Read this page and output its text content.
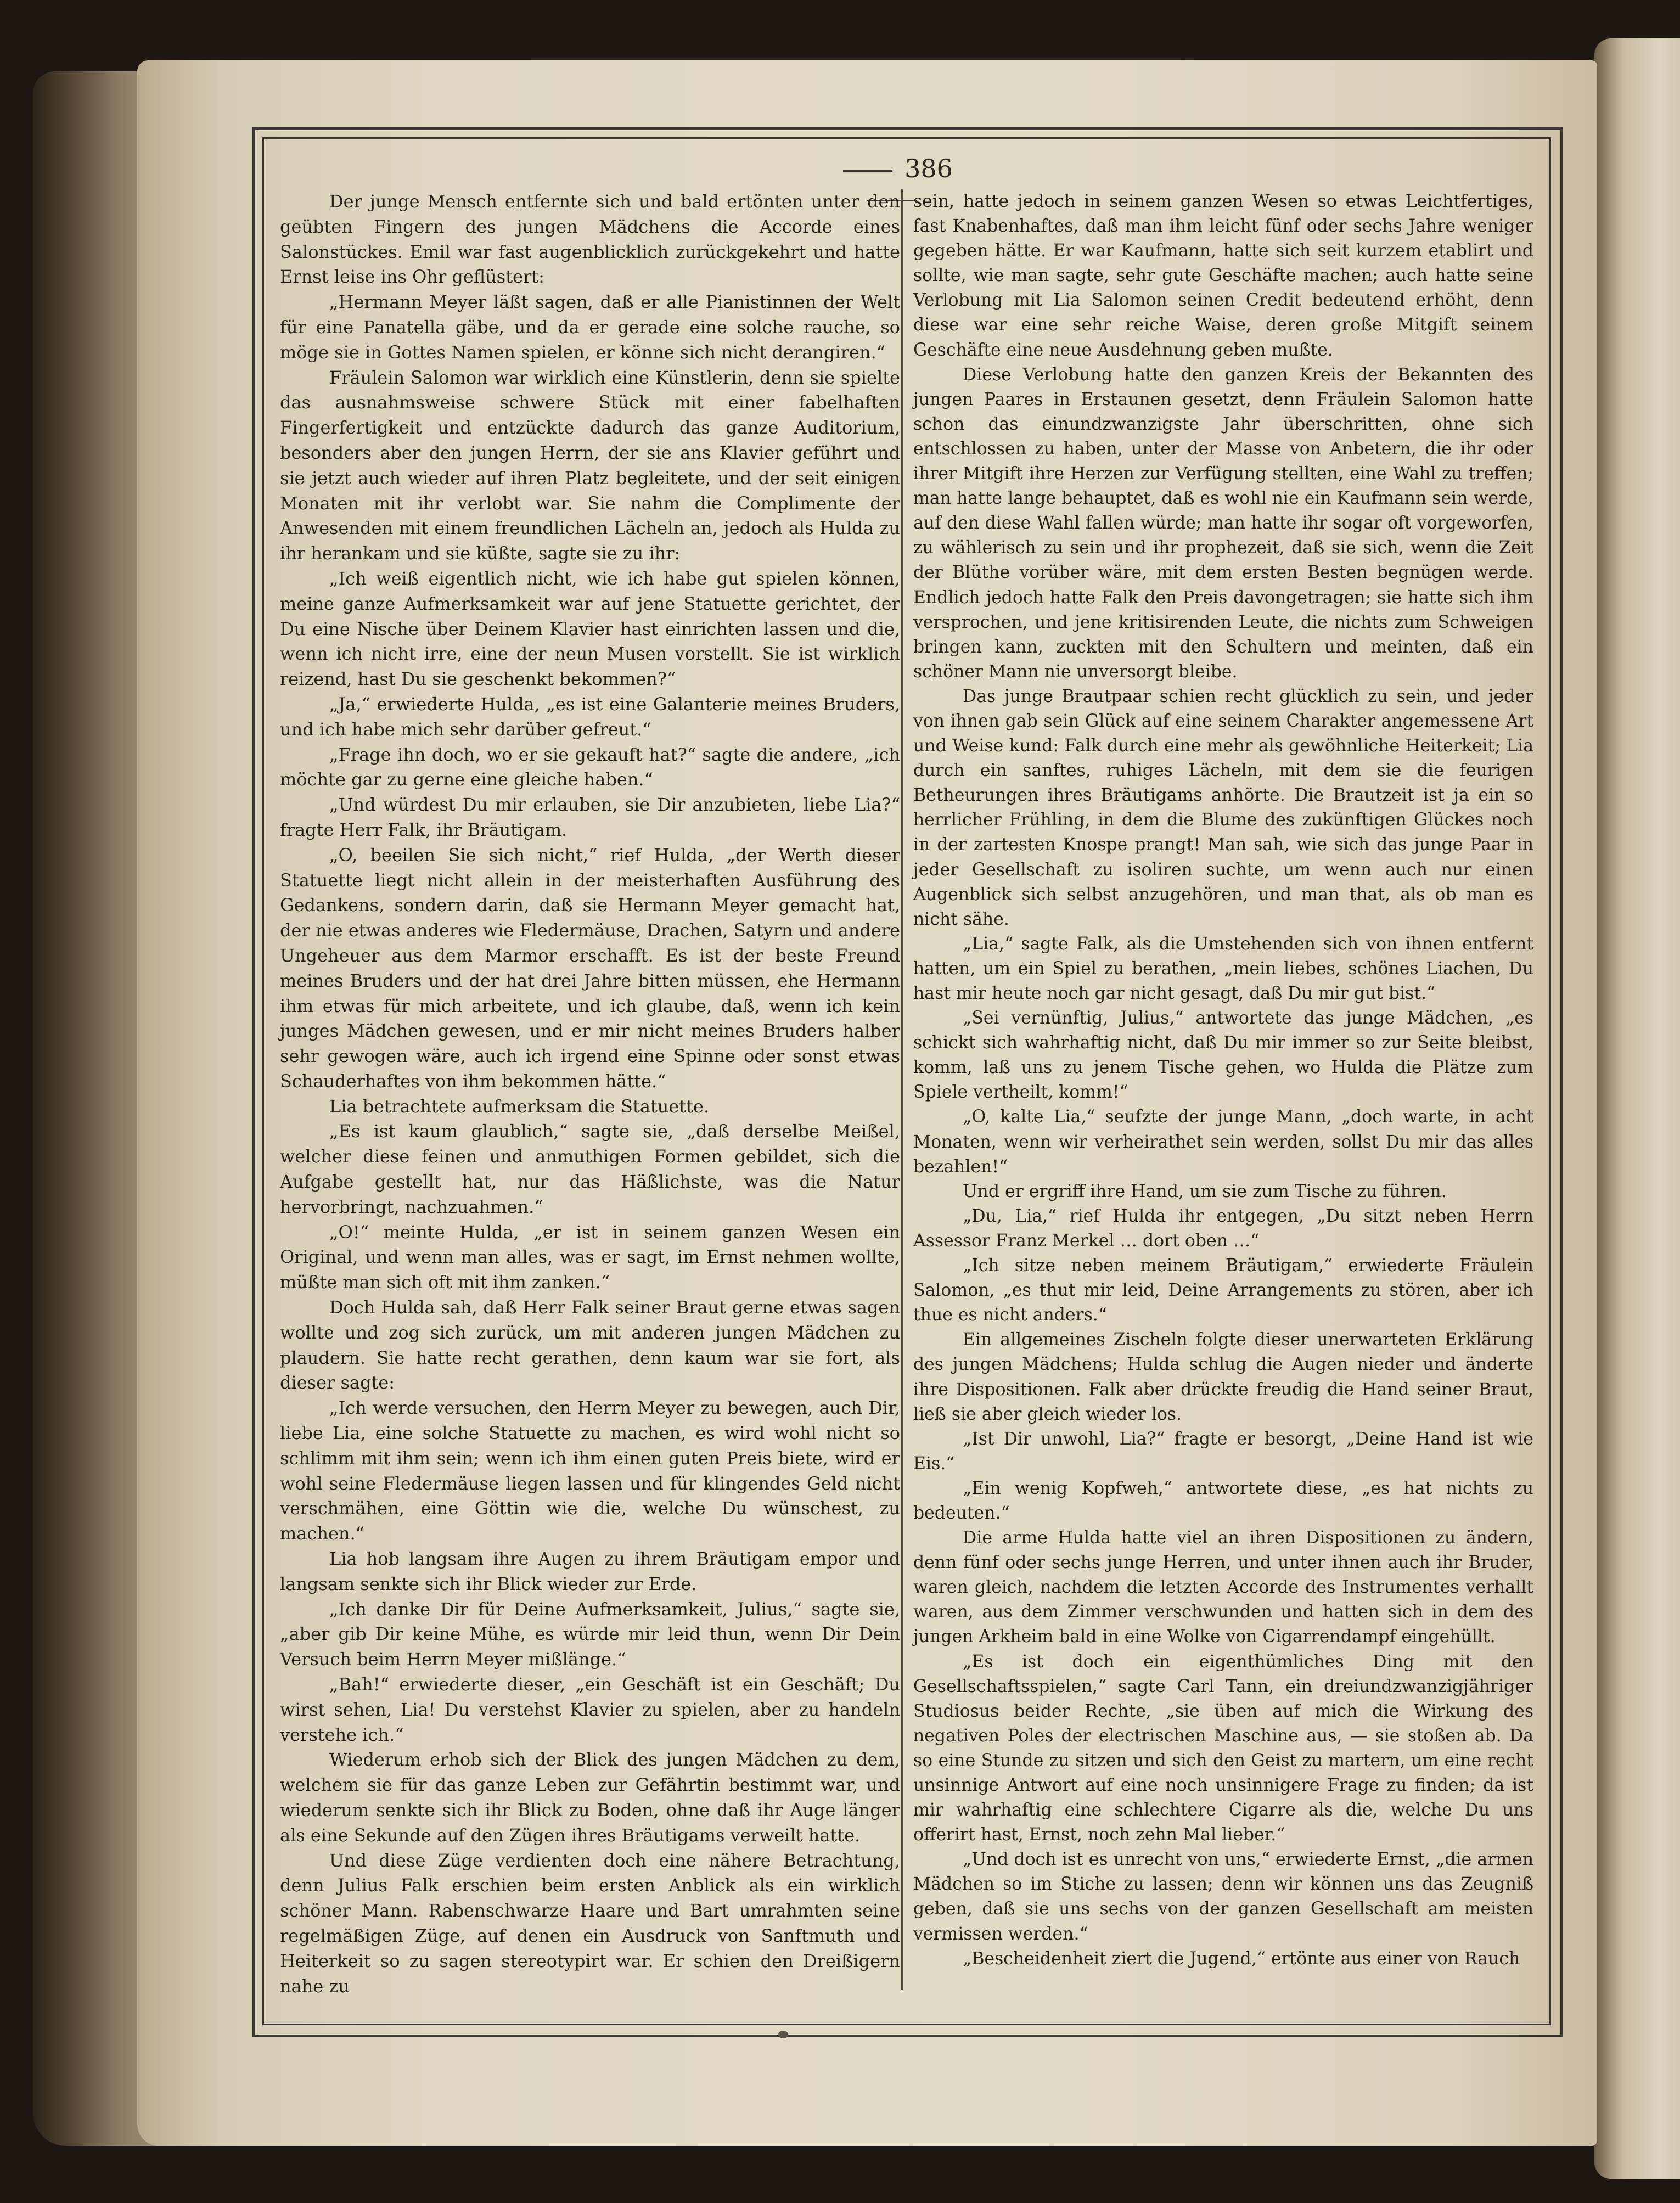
386

Der junge Mensch entfernte sich und bald ertönten unter den geübten Fingern des jungen Mädchens die Accorde eines Salonstückes. Emil war fast augenblicklich zurückgekehrt und hatte Ernst leise ins Ohr geflüstert:

„Hermann Meyer läßt sagen, daß er alle Pianistinnen der Welt für eine Panatella gäbe, und da er gerade eine solche rauche, so möge sie in Gottes Namen spielen, er könne sich nicht derangiren.“

Fräulein Salomon war wirklich eine Künstlerin, denn sie spielte das ausnahmsweise schwere Stück mit einer fabelhaften Fingerfertigkeit und entzückte dadurch das ganze Auditorium, besonders aber den jungen Herrn, der sie ans Klavier geführt und sie jetzt auch wieder auf ihren Platz begleitete, und der seit einigen Monaten mit ihr verlobt war. Sie nahm die Complimente der Anwesenden mit einem freundlichen Lächeln an, jedoch als Hulda zu ihr herankam und sie küßte, sagte sie zu ihr:

„Ich weiß eigentlich nicht, wie ich habe gut spielen können, meine ganze Aufmerksamkeit war auf jene Statuette gerichtet, der Du eine Nische über Deinem Klavier hast einrichten lassen und die, wenn ich nicht irre, eine der neun Musen vorstellt. Sie ist wirklich reizend, hast Du sie geschenkt bekommen?“

„Ja,“ erwiederte Hulda, „es ist eine Galanterie meines Bruders, und ich habe mich sehr darüber gefreut.“

„Frage ihn doch, wo er sie gekauft hat?“ sagte die andere, „ich möchte gar zu gerne eine gleiche haben.“

„Und würdest Du mir erlauben, sie Dir anzubieten, liebe Lia?“ fragte Herr Falk, ihr Bräutigam.

„O, beeilen Sie sich nicht,“ rief Hulda, „der Werth dieser Statuette liegt nicht allein in der meisterhaften Ausführung des Gedankens, sondern darin, daß sie Hermann Meyer gemacht hat, der nie etwas anderes wie Fledermäuse, Drachen, Satyrn und andere Ungeheuer aus dem Marmor erschafft. Es ist der beste Freund meines Bruders und der hat drei Jahre bitten müssen, ehe Hermann ihm etwas für mich arbeitete, und ich glaube, daß, wenn ich kein junges Mädchen gewesen, und er mir nicht meines Bruders halber sehr gewogen wäre, auch ich irgend eine Spinne oder sonst etwas Schauderhaftes von ihm bekommen hätte.“

Lia betrachtete aufmerksam die Statuette.

„Es ist kaum glaublich,“ sagte sie, „daß derselbe Meißel, welcher diese feinen und anmuthigen Formen gebildet, sich die Aufgabe gestellt hat, nur das Häßlichste, was die Natur hervorbringt, nachzuahmen.“

„O!“ meinte Hulda, „er ist in seinem ganzen Wesen ein Original, und wenn man alles, was er sagt, im Ernst nehmen wollte, müßte man sich oft mit ihm zanken.“

Doch Hulda sah, daß Herr Falk seiner Braut gerne etwas sagen wollte und zog sich zurück, um mit anderen jungen Mädchen zu plaudern. Sie hatte recht gerathen, denn kaum war sie fort, als dieser sagte:

„Ich werde versuchen, den Herrn Meyer zu bewegen, auch Dir, liebe Lia, eine solche Statuette zu machen, es wird wohl nicht so schlimm mit ihm sein; wenn ich ihm einen guten Preis biete, wird er wohl seine Fledermäuse liegen lassen und für klingendes Geld nicht verschmähen, eine Göttin wie die, welche Du wünschest, zu machen.“

Lia hob langsam ihre Augen zu ihrem Bräutigam empor und langsam senkte sich ihr Blick wieder zur Erde.

„Ich danke Dir für Deine Aufmerksamkeit, Julius,“ sagte sie, „aber gib Dir keine Mühe, es würde mir leid thun, wenn Dir Dein Versuch beim Herrn Meyer mißlänge.“

„Bah!“ erwiederte dieser, „ein Geschäft ist ein Geschäft; Du wirst sehen, Lia! Du verstehst Klavier zu spielen, aber zu handeln verstehe ich.“

Wiederum erhob sich der Blick des jungen Mädchen zu dem, welchem sie für das ganze Leben zur Gefährtin bestimmt war, und wiederum senkte sich ihr Blick zu Boden, ohne daß ihr Auge länger als eine Sekunde auf den Zügen ihres Bräutigams verweilt hatte.

Und diese Züge verdienten doch eine nähere Betrachtung, denn Julius Falk erschien beim ersten Anblick als ein wirklich schöner Mann. Rabenschwarze Haare und Bart umrahmten seine regelmäßigen Züge, auf denen ein Ausdruck von Sanftmuth und Heiterkeit so zu sagen stereotypirt war. Er schien den Dreißigern nahe zu

sein, hatte jedoch in seinem ganzen Wesen so etwas Leichtfertiges, fast Knabenhaftes, daß man ihm leicht fünf oder sechs Jahre weniger gegeben hätte. Er war Kaufmann, hatte sich seit kurzem etablirt und sollte, wie man sagte, sehr gute Geschäfte machen; auch hatte seine Verlobung mit Lia Salomon seinen Credit bedeutend erhöht, denn diese war eine sehr reiche Waise, deren große Mitgift seinem Geschäfte eine neue Ausdehnung geben mußte.

Diese Verlobung hatte den ganzen Kreis der Bekannten des jungen Paares in Erstaunen gesetzt, denn Fräulein Salomon hatte schon das einundzwanzigste Jahr überschritten, ohne sich entschlossen zu haben, unter der Masse von Anbetern, die ihr oder ihrer Mitgift ihre Herzen zur Verfügung stellten, eine Wahl zu treffen; man hatte lange behauptet, daß es wohl nie ein Kaufmann sein werde, auf den diese Wahl fallen würde; man hatte ihr sogar oft vorgeworfen, zu wählerisch zu sein und ihr prophezeit, daß sie sich, wenn die Zeit der Blüthe vorüber wäre, mit dem ersten Besten begnügen werde. Endlich jedoch hatte Falk den Preis davongetragen; sie hatte sich ihm versprochen, und jene kritisirenden Leute, die nichts zum Schweigen bringen kann, zuckten mit den Schultern und meinten, daß ein schöner Mann nie unversorgt bleibe.

Das junge Brautpaar schien recht glücklich zu sein, und jeder von ihnen gab sein Glück auf eine seinem Charakter angemessene Art und Weise kund: Falk durch eine mehr als gewöhnliche Heiterkeit; Lia durch ein sanftes, ruhiges Lächeln, mit dem sie die feurigen Betheurungen ihres Bräutigams anhörte. Die Brautzeit ist ja ein so herrlicher Frühling, in dem die Blume des zukünftigen Glückes noch in der zartesten Knospe prangt! Man sah, wie sich das junge Paar in jeder Gesellschaft zu isoliren suchte, um wenn auch nur einen Augenblick sich selbst anzugehören, und man that, als ob man es nicht sähe.

„Lia,“ sagte Falk, als die Umstehenden sich von ihnen entfernt hatten, um ein Spiel zu berathen, „mein liebes, schönes Liachen, Du hast mir heute noch gar nicht gesagt, daß Du mir gut bist.“

„Sei vernünftig, Julius,“ antwortete das junge Mädchen, „es schickt sich wahrhaftig nicht, daß Du mir immer so zur Seite bleibst, komm, laß uns zu jenem Tische gehen, wo Hulda die Plätze zum Spiele vertheilt, komm!“

„O, kalte Lia,“ seufzte der junge Mann, „doch warte, in acht Monaten, wenn wir verheirathet sein werden, sollst Du mir das alles bezahlen!“

Und er ergriff ihre Hand, um sie zum Tische zu führen.

„Du, Lia,“ rief Hulda ihr entgegen, „Du sitzt neben Herrn Assessor Franz Merkel … dort oben …“

„Ich sitze neben meinem Bräutigam,“ erwiederte Fräulein Salomon, „es thut mir leid, Deine Arrangements zu stören, aber ich thue es nicht anders.“

Ein allgemeines Zischeln folgte dieser unerwarteten Erklärung des jungen Mädchens; Hulda schlug die Augen nieder und änderte ihre Dispositionen. Falk aber drückte freudig die Hand seiner Braut, ließ sie aber gleich wieder los.

„Ist Dir unwohl, Lia?“ fragte er besorgt, „Deine Hand ist wie Eis.“

„Ein wenig Kopfweh,“ antwortete diese, „es hat nichts zu bedeuten.“

Die arme Hulda hatte viel an ihren Dispositionen zu ändern, denn fünf oder sechs junge Herren, und unter ihnen auch ihr Bruder, waren gleich, nachdem die letzten Accorde des Instrumentes verhallt waren, aus dem Zimmer verschwunden und hatten sich in dem des jungen Arkheim bald in eine Wolke von Cigarrendampf eingehüllt.

„Es ist doch ein eigenthümliches Ding mit den Gesellschaftsspielen,“ sagte Carl Tann, ein dreiundzwanzigjähriger Studiosus beider Rechte, „sie üben auf mich die Wirkung des negativen Poles der electrischen Maschine aus, — sie stoßen ab. Da so eine Stunde zu sitzen und sich den Geist zu martern, um eine recht unsinnige Antwort auf eine noch unsinnigere Frage zu finden; da ist mir wahrhaftig eine schlechtere Cigarre als die, welche Du uns offerirt hast, Ernst, noch zehn Mal lieber.“

„Und doch ist es unrecht von uns,“ erwiederte Ernst, „die armen Mädchen so im Stiche zu lassen; denn wir können uns das Zeugniß geben, daß sie uns sechs von der ganzen Gesellschaft am meisten vermissen werden.“

„Bescheidenheit ziert die Jugend,“ ertönte aus einer von Rauch
